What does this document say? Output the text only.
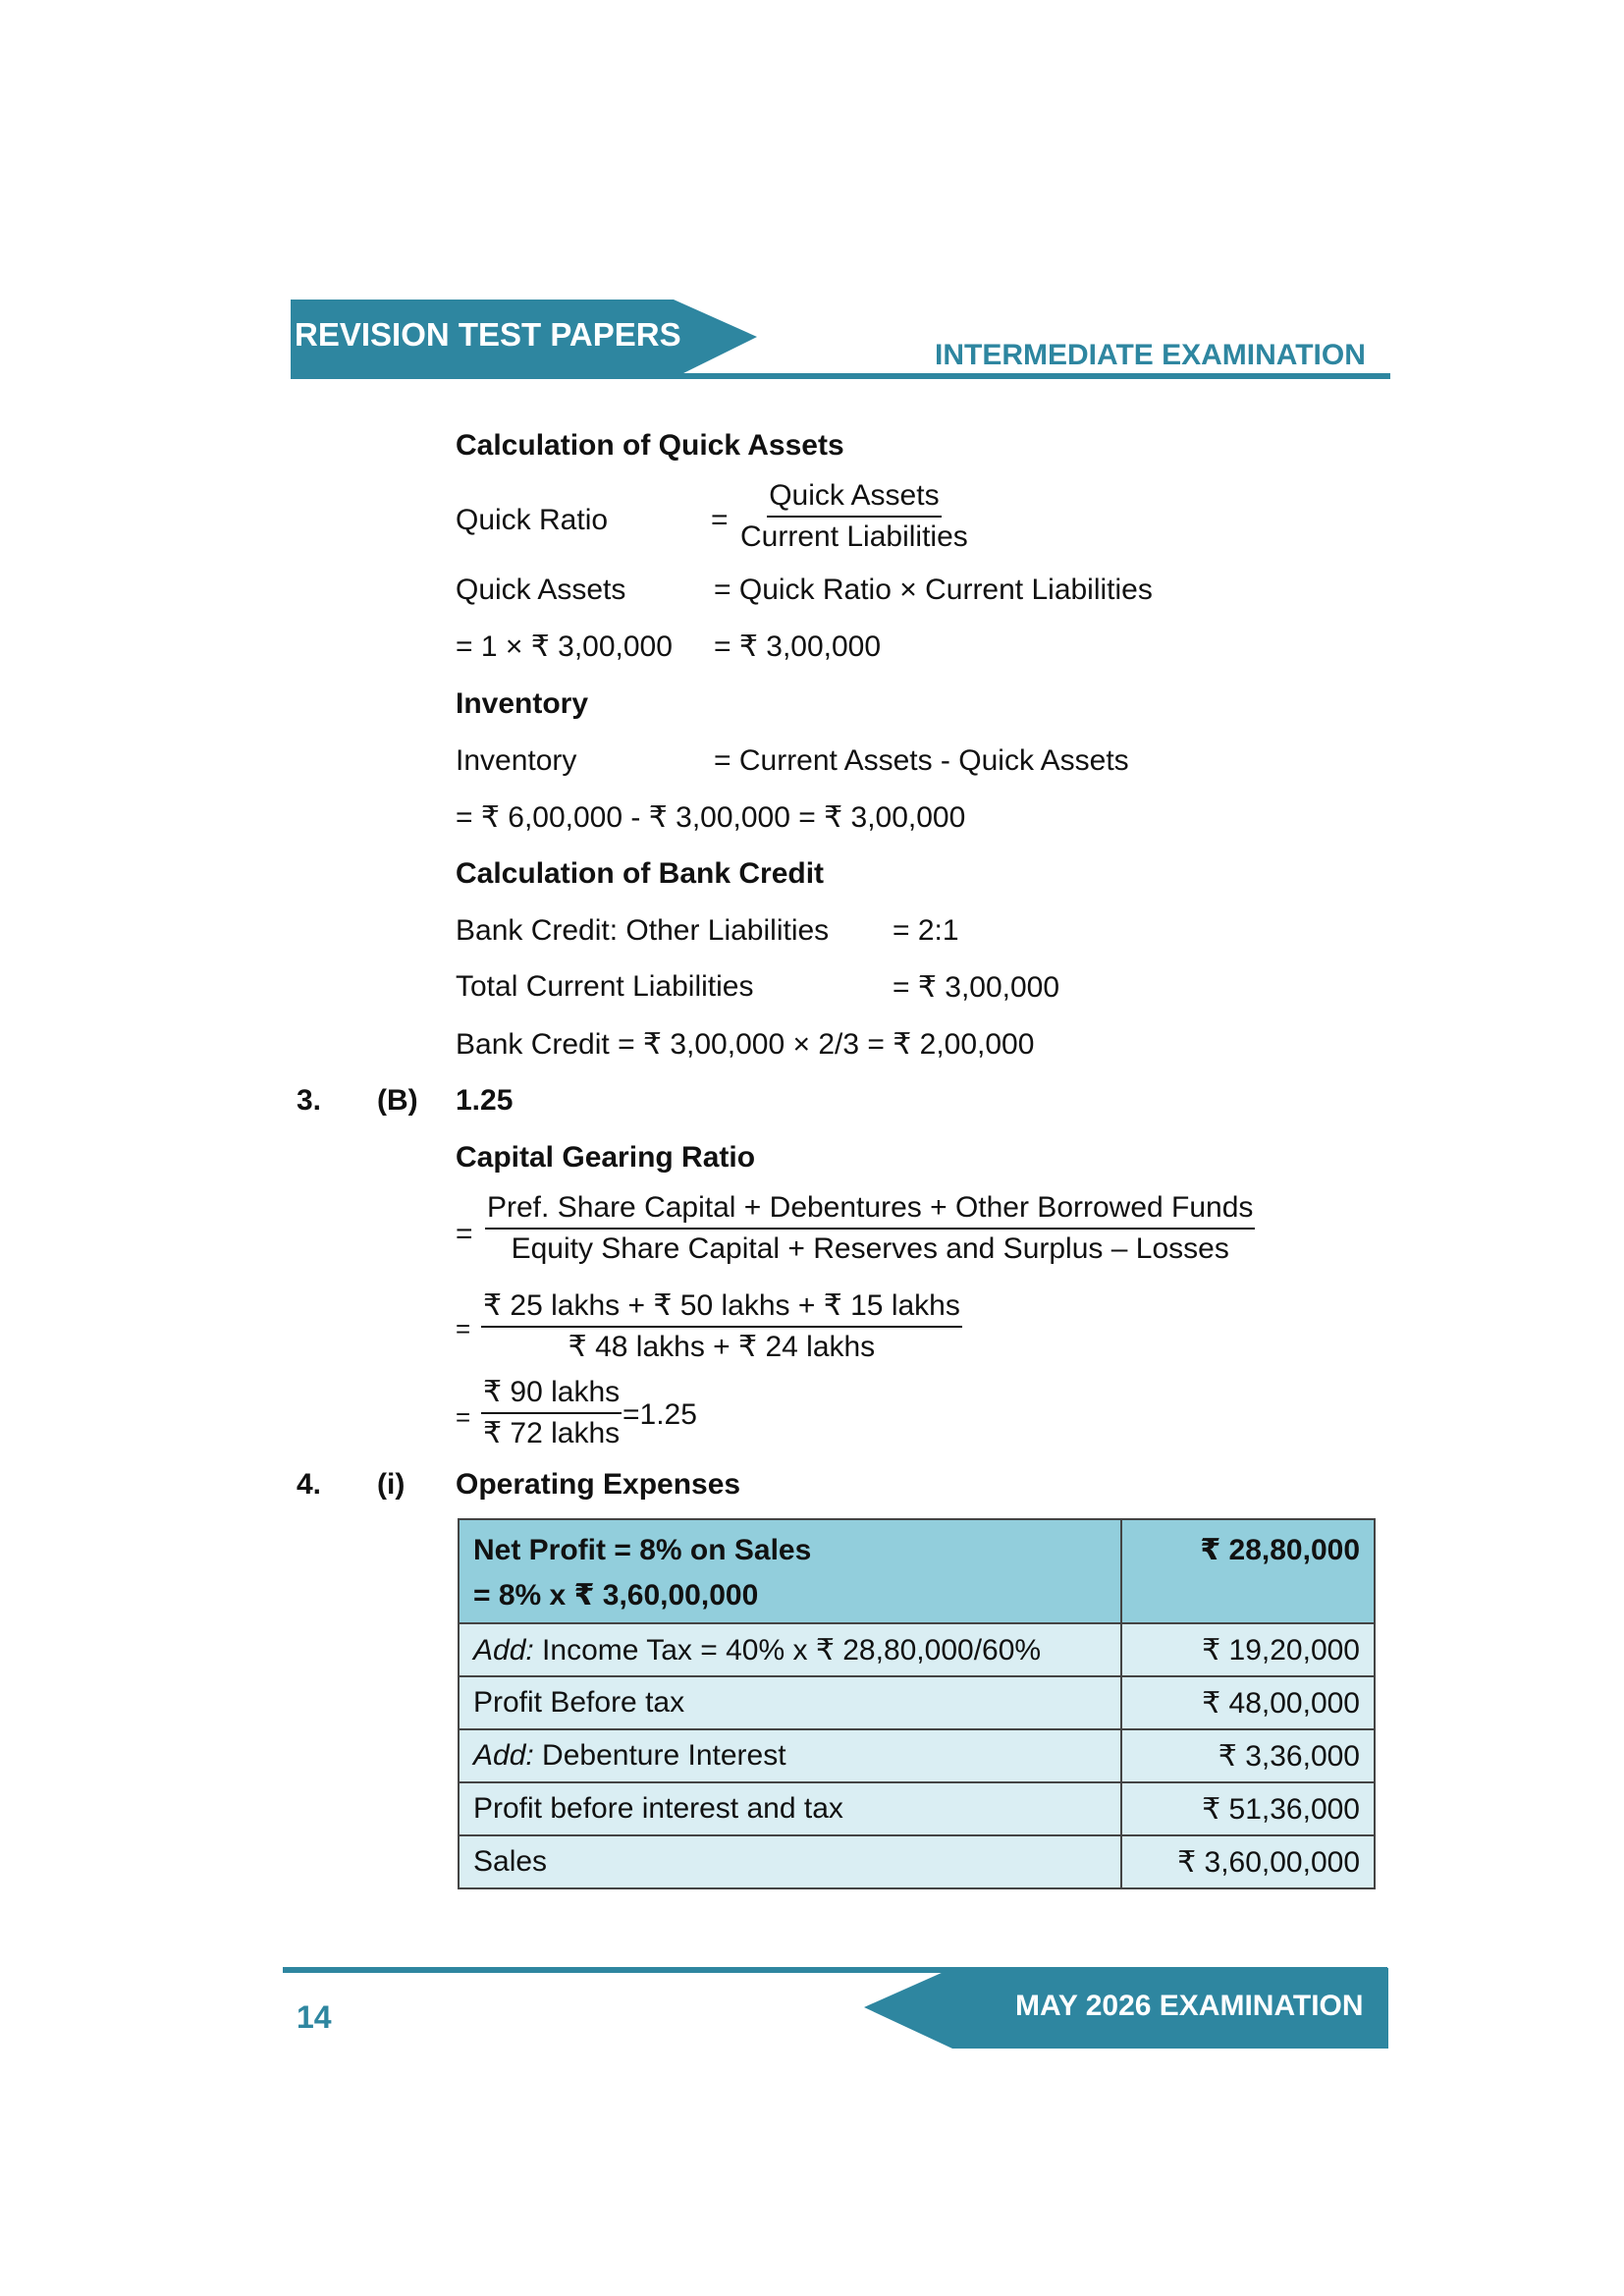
REVISION TEST PAPERS
INTERMEDIATE EXAMINATION
Calculation of Quick Assets
Quick Ratio	=
Quick Assets
Current Liabilities
Quick Assets	= Quick Ratio × Current Liabilities
= 1 × ₹ 3,00,000 = ₹ 3,00,000
Inventory
Inventory	= Current Assets - Quick Assets
= ₹ 6,00,000 - ₹ 3,00,000 = ₹ 3,00,000
Calculation of Bank Credit
Bank Credit: Other Liabilities = 2:1
Total Current Liabilities	= ₹ 3,00,000
Bank Credit = ₹ 3,00,000 × 2/3 = ₹ 2,00,000
3. (B) 1.25
Capital Gearing Ratio
=
Pref. Share Capital + Debentures + Other Borrowed Funds
Equity Share Capital + Reserves and Surplus – Losses
=
₹ 25 lakhs + ₹ 50 lakhs + ₹ 15 lakhs
₹ 48 lakhs + ₹ 24 lakhs
=
₹ 90 lakhs
₹ 72 lakhs
=1.25
4. (i) Operating Expenses
Net Profit = 8% on Sales
= 8% x ₹ 3,60,00,000	₹ 28,80,000
Add: Income Tax = 40% x ₹ 28,80,000/60%	₹ 19,20,000
Profit Before tax	₹ 48,00,000
Add: Debenture Interest	₹ 3,36,000
Profit before interest and tax	₹ 51,36,000
Sales	₹ 3,60,00,000
MAY 2026 EXAMINATION
14
